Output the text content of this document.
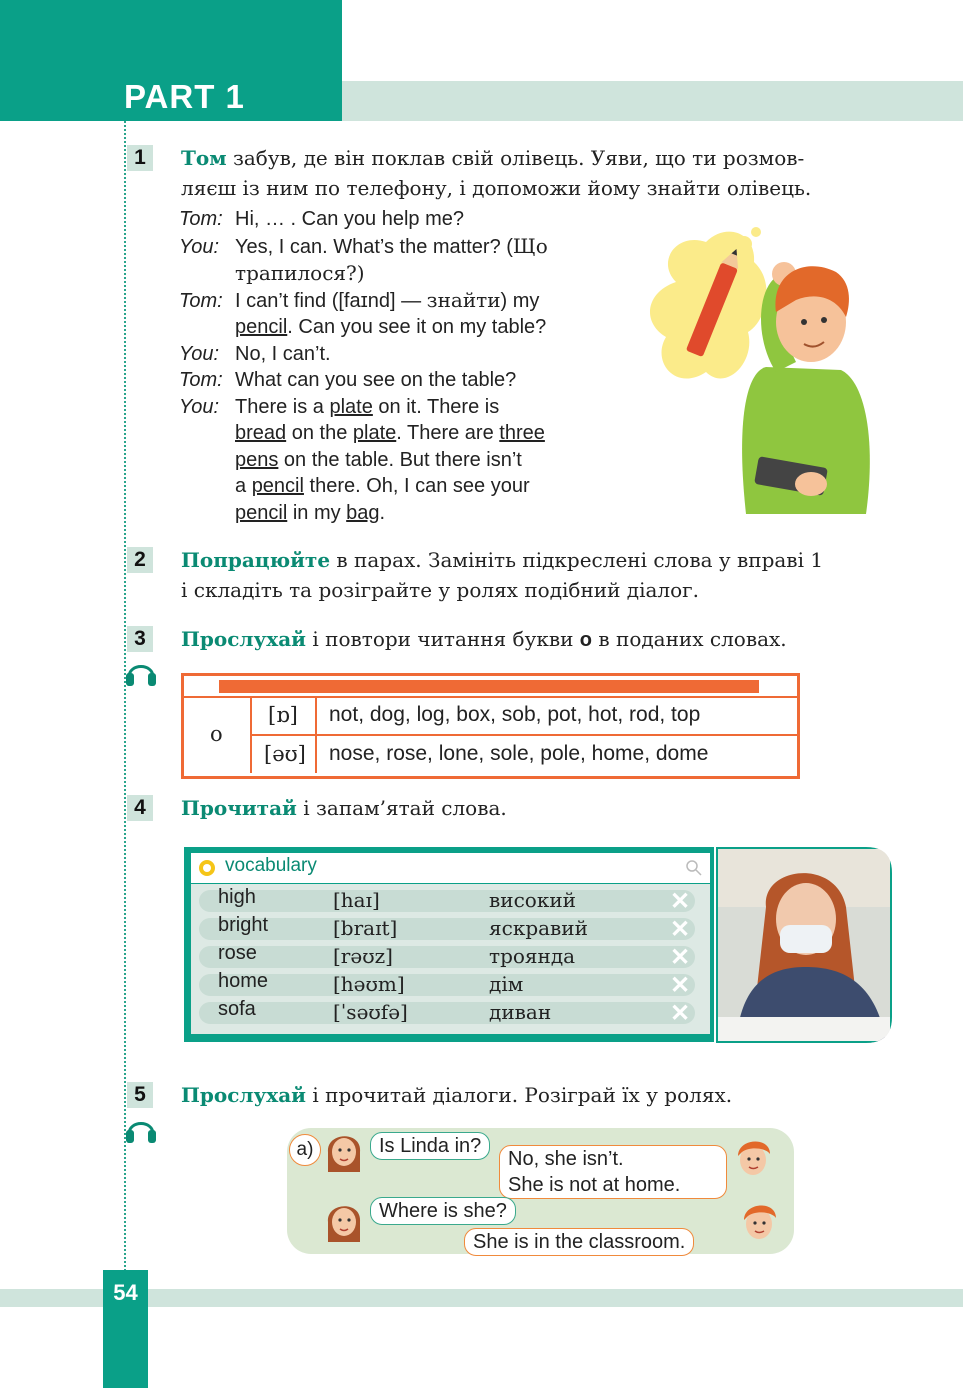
PART 1
1	Том забув, де він поклав свій олівець. Уяви, що ти розмов-
ляєш із ним по телефону, і допоможи йому знайти олівець.
Tom: Hi, … . Can you help me?
You: Yes, I can. What’s the matter? (Що
трапилося?)
Tom: I can’t find ([faɪnd] — знайти) my
pencil. Can you see it on my table?
You: No, I can’t.
Tom: What can you see on the table?
You: There is a plate on it. There is
bread on the plate. There are three
pens on the table. But there isn’t
a pencil there. Oh, I can see your
pencil in my bag.
2	Попрацюйте в парах. Замініть підкреслені слова у вправі 1
і складіть та розіграйте у ролях подібний діалог.
3	Прослухай і повтори читання букви o в поданих словах.
o
[ɒ] not, dog, log, box, sob, pot, hot, rod, top
[əʊ] nose, rose, lone, sole, pole, home, dome
4	Прочитай і запам’ятай слова.
vocabulary
high	[haɪ]	високий	✕
bright	[braɪt]	яскравий	✕
rose	[rəʊz]	троянда	✕
home	[həʊm]	дім	✕
sofa	[ˈsəʊfə]	диван	✕
5	Прослухай і прочитай діалоги. Розіграй їх у ролях.
a)	Is Linda in?
No, she isn’t.
She is not at home.
Where is she?
She is in the classroom.
54
